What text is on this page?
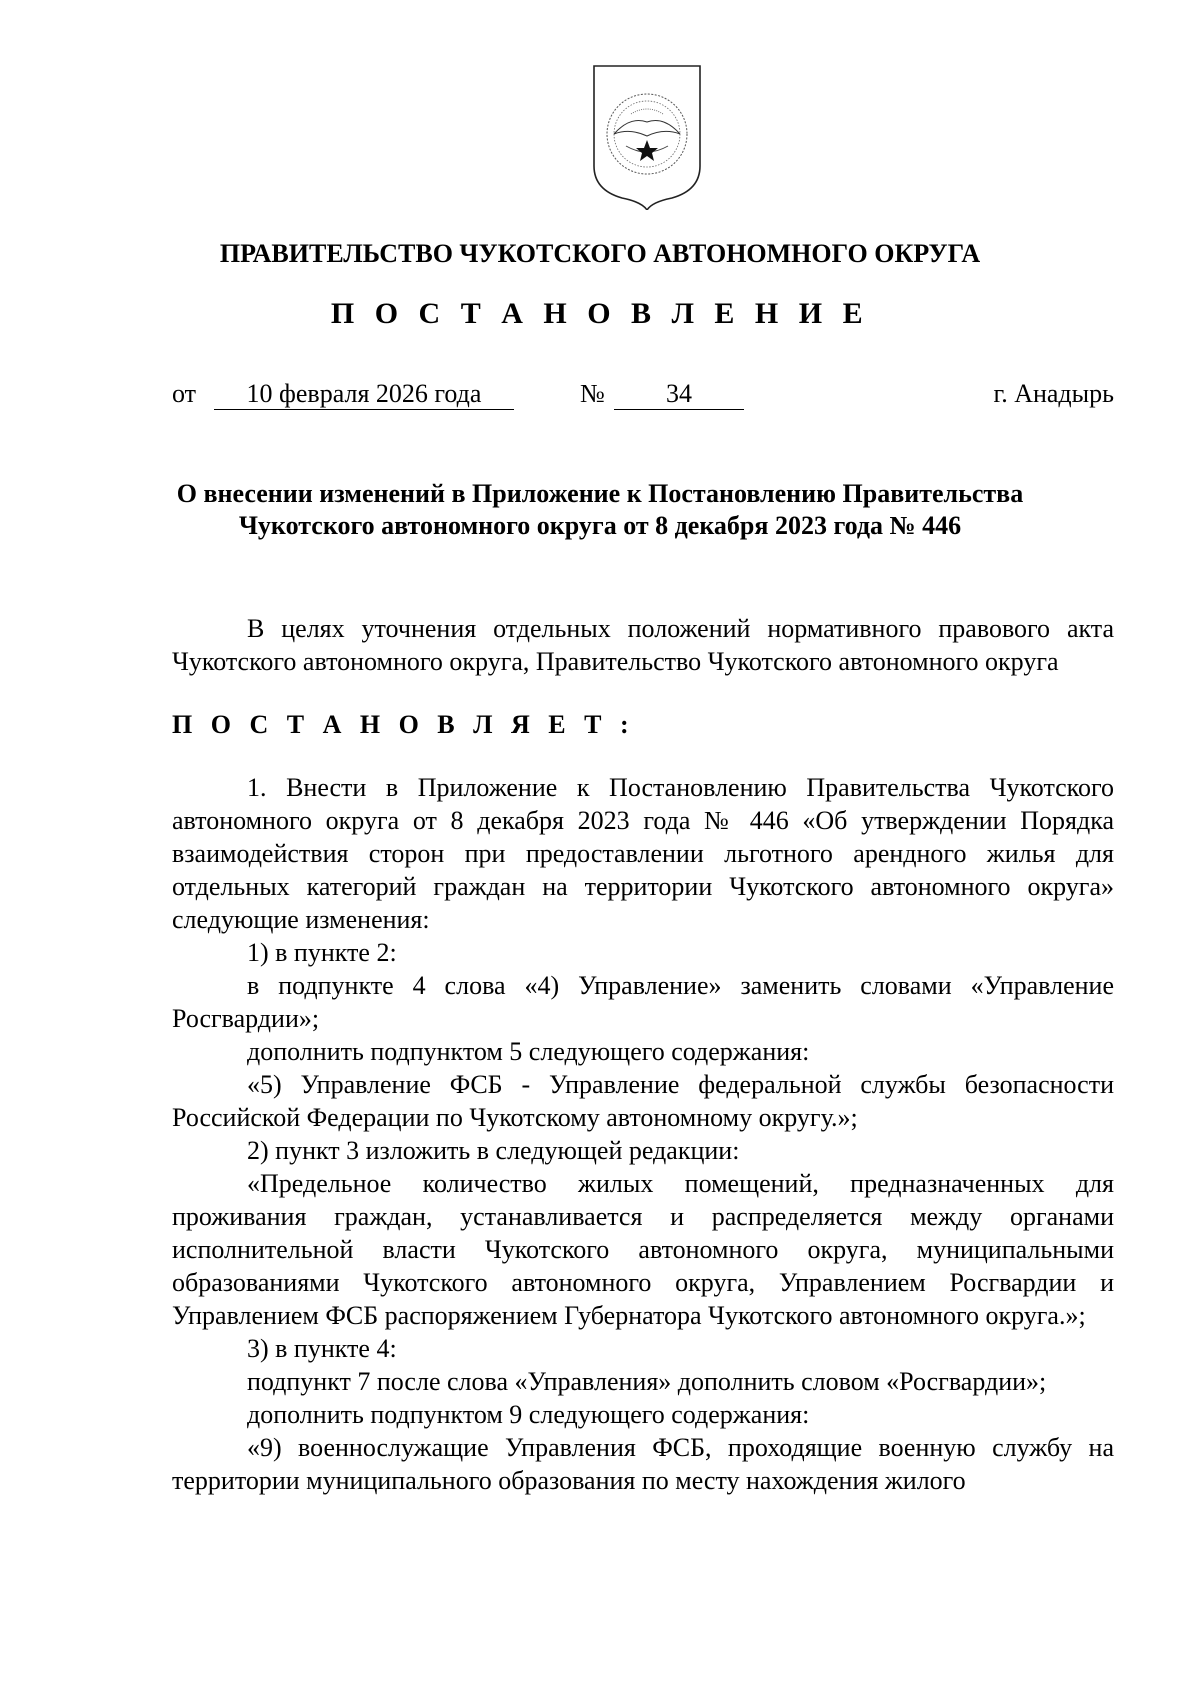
ПРАВИТЕЛЬСТВО ЧУКОТСКОГО АВТОНОМНОГО ОКРУГА
П О С Т А Н О В Л Е Н И Е
от	10 февраля 2026 года	№	34	г. Анадырь
О внесении изменений в Приложение к Постановлению Правительства
Чукотского автономного округа от 8 декабря 2023 года № 446

В целях уточнения отдельных положений нормативного правового акта Чукотского автономного округа, Правительство Чукотского автономного округа

П О С Т А Н О В Л Я Е Т :

1. Внести в Приложение к Постановлению Правительства Чукотского автономного округа от 8 декабря 2023 года № 446 «Об утверждении Порядка взаимодействия сторон при предоставлении льготного арендного жилья для отдельных категорий граждан на территории Чукотского автономного округа» следующие изменения:

1) в пункте 2:

в подпункте 4 слова «4) Управление» заменить словами «Управление Росгвардии»;

дополнить подпунктом 5 следующего содержания:

«5) Управление ФСБ - Управление федеральной службы безопасности Российской Федерации по Чукотскому автономному округу.»;

2) пункт 3 изложить в следующей редакции:

«Предельное количество жилых помещений, предназначенных для проживания граждан, устанавливается и распределяется между органами исполнительной власти Чукотского автономного округа, муниципальными образованиями Чукотского автономного округа, Управлением Росгвардии и Управлением ФСБ распоряжением Губернатора Чукотского автономного округа.»;

3) в пункте 4:

подпункт 7 после слова «Управления» дополнить словом «Росгвардии»;

дополнить подпунктом 9 следующего содержания:

«9) военнослужащие Управления ФСБ, проходящие военную службу на территории муниципального образования по месту нахождения жилого
